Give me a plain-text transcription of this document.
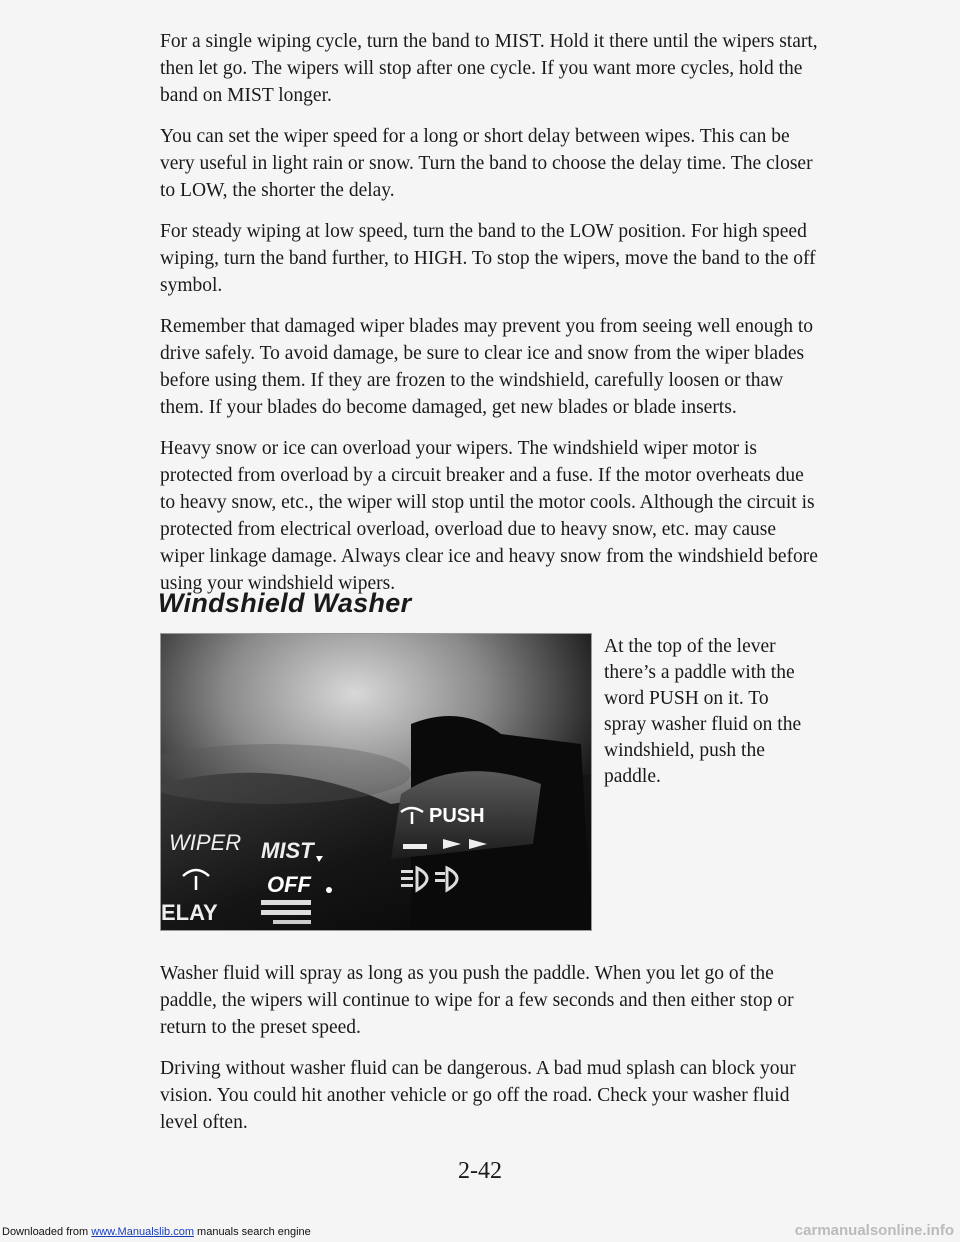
For a single wiping cycle, turn the band to MIST. Hold it there until the wipers start, then let go. The wipers will stop after one cycle. If you want more cycles, hold the band on MIST longer.

You can set the wiper speed for a long or short delay between wipes. This can be very useful in light rain or snow. Turn the band to choose the delay time. The closer to LOW, the shorter the delay.

For steady wiping at low speed, turn the band to the LOW position. For high speed wiping, turn the band further, to HIGH. To stop the wipers, move the band to the off symbol.

Remember that damaged wiper blades may prevent you from seeing well enough to drive safely. To avoid damage, be sure to clear ice and snow from the wiper blades before using them. If they are frozen to the windshield, carefully loosen or thaw them. If your blades do become damaged, get new blades or blade inserts.

Heavy snow or ice can overload your wipers. The windshield wiper motor is protected from overload by a circuit breaker and a fuse. If the motor overheats due to heavy snow, etc., the wiper will stop until the motor cools. Although the circuit is protected from electrical overload, overload due to heavy snow, etc. may cause wiper linkage damage. Always clear ice and heavy snow from the windshield before using your windshield wipers.

Windshield Washer
WIPER MIST
OFF
ELAY
PUSH

At the top of the lever there’s a paddle with the word PUSH on it. To spray washer fluid on the windshield, push the paddle.

Washer fluid will spray as long as you push the paddle. When you let go of the paddle, the wipers will continue to wipe for a few seconds and then either stop or return to the preset speed.

Driving without washer fluid can be dangerous. A bad mud splash can block your vision. You could hit another vehicle or go off the road. Check your washer fluid level often.

2-42

Downloaded from www.Manualslib.com manuals search engine	carmanualsonline.info
